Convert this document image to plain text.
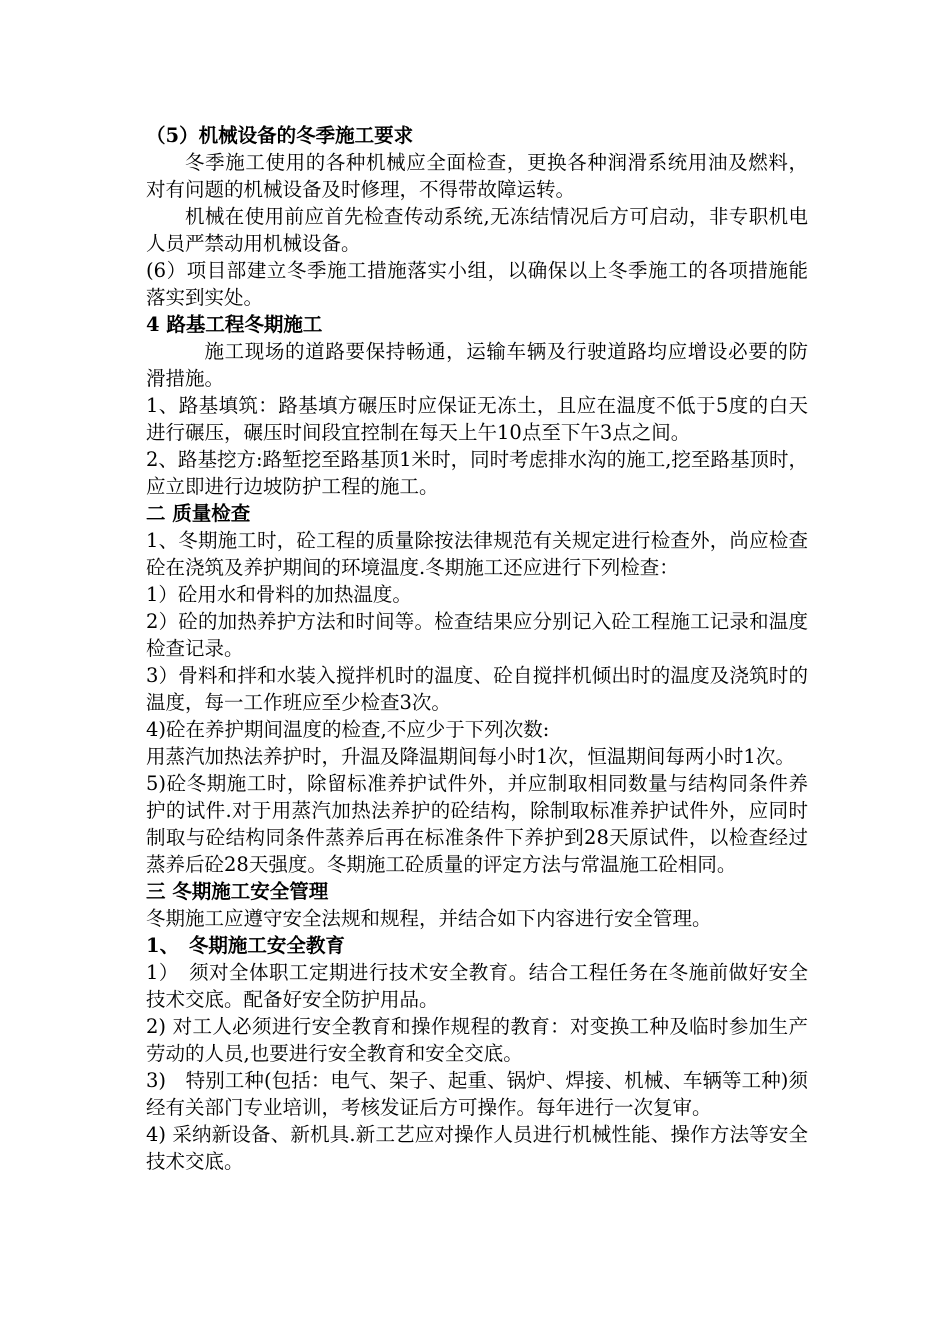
（5）机械设备的冬季施工要求

冬季施工使用的各种机械应全面检查，更换各种润滑系统用油及燃料，对有问题的机械设备及时修理，不得带故障运转。

机械在使用前应首先检查传动系统,无冻结情况后方可启动，非专职机电人员严禁动用机械设备。

(6）项目部建立冬季施工措施落实小组，以确保以上冬季施工的各项措施能落实到实处。

4 路基工程冬期施工

施工现场的道路要保持畅通，运输车辆及行驶道路均应增设必要的防滑措施。

1、路基填筑：路基填方碾压时应保证无冻土，且应在温度不低于5度的白天进行碾压，碾压时间段宜控制在每天上午10点至下午3点之间。

2、路基挖方:路堑挖至路基顶1米时，同时考虑排水沟的施工,挖至路基顶时，应立即进行边坡防护工程的施工。

二 质量检查

1、冬期施工时，砼工程的质量除按法律规范有关规定进行检查外，尚应检查砼在浇筑及养护期间的环境温度.冬期施工还应进行下列检查：

1）砼用水和骨料的加热温度。

2）砼的加热养护方法和时间等。检查结果应分别记入砼工程施工记录和温度检查记录。

3）骨料和拌和水装入搅拌机时的温度、砼自搅拌机倾出时的温度及浇筑时的温度，每一工作班应至少检查3次。

4)砼在养护期间温度的检查,不应少于下列次数:

用蒸汽加热法养护时，升温及降温期间每小时1次，恒温期间每两小时1次。

5)砼冬期施工时，除留标准养护试件外，并应制取相同数量与结构同条件养护的试件.对于用蒸汽加热法养护的砼结构，除制取标准养护试件外，应同时制取与砼结构同条件蒸养后再在标准条件下养护到28天原试件，以检查经过蒸养后砼28天强度。冬期施工砼质量的评定方法与常温施工砼相同。

三 冬期施工安全管理

冬期施工应遵守安全法规和规程，并结合如下内容进行安全管理。

1、　冬期施工安全教育

1）　须对全体职工定期进行技术安全教育。结合工程任务在冬施前做好安全技术交底。配备好安全防护用品。

2) 对工人必须进行安全教育和操作规程的教育：对变换工种及临时参加生产劳动的人员,也要进行安全教育和安全交底。

3)　特别工种(包括：电气、架子、起重、锅炉、焊接、机械、车辆等工种)须经有关部门专业培训，考核发证后方可操作。每年进行一次复审。

4) 采纳新设备、新机具.新工艺应对操作人员进行机械性能、操作方法等安全技术交底。
